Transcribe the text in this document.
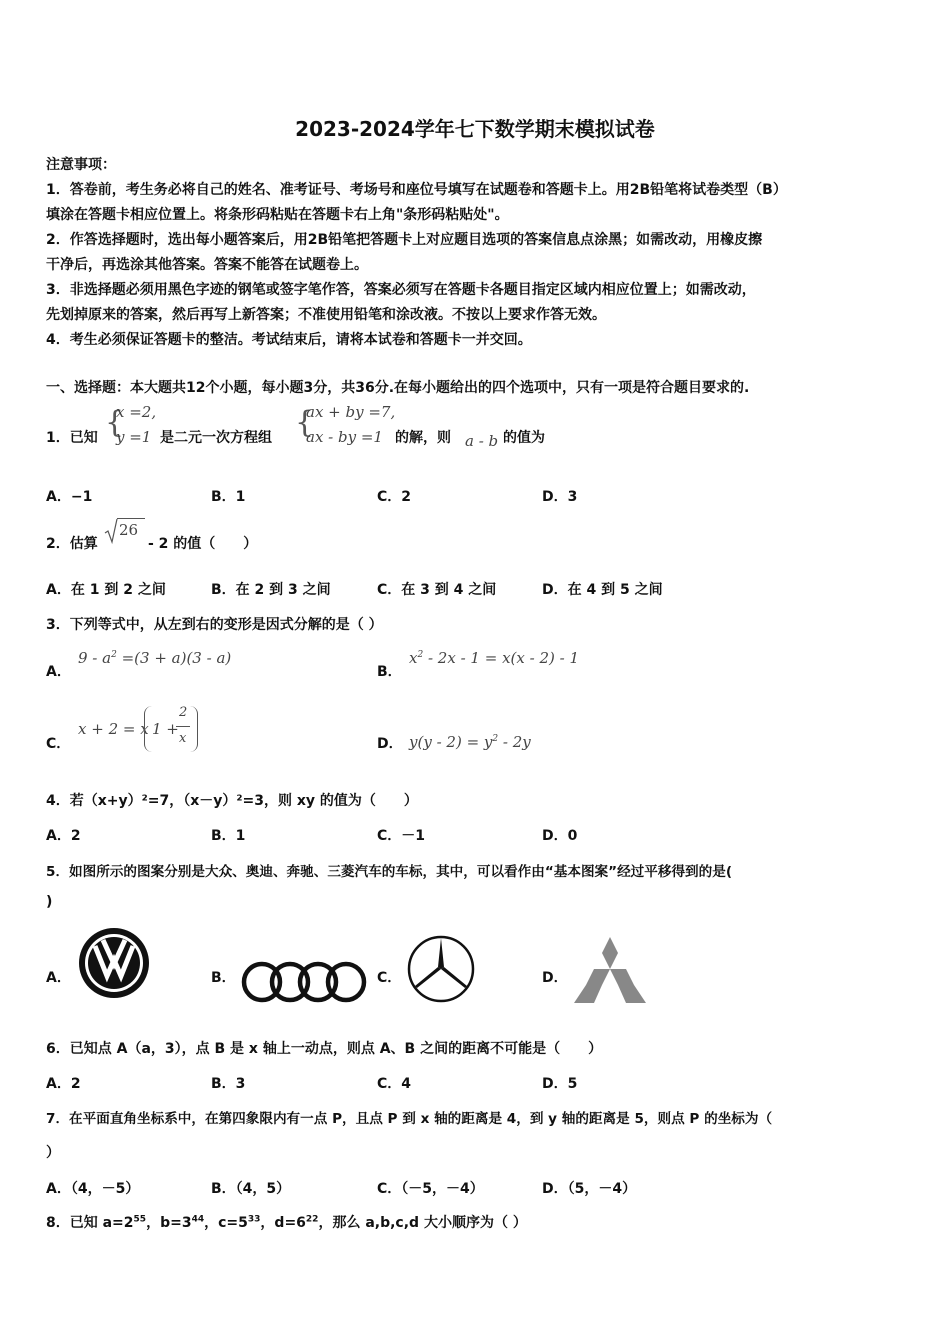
2023-2024学年七下数学期末模拟试卷
注意事项：
1．答卷前，考生务必将自己的姓名、准考证号、考场号和座位号填写在试题卷和答题卡上。用2B铅笔将试卷类型（B）
填涂在答题卡相应位置上。将条形码粘贴在答题卡右上角"条形码粘贴处"。
2．作答选择题时，选出每小题答案后，用2B铅笔把答题卡上对应题目选项的答案信息点涂黑；如需改动，用橡皮擦
干净后，再选涂其他答案。答案不能答在试题卷上。
3．非选择题必须用黑色字迹的钢笔或签字笔作答，答案必须写在答题卡各题目指定区域内相应位置上；如需改动，
先划掉原来的答案，然后再写上新答案；不准使用铅笔和涂改液。不按以上要求作答无效。
4．考生必须保证答题卡的整洁。考试结束后，请将本试卷和答题卡一并交回。
一、选择题：本大题共12个小题，每小题3分，共36分.在每小题给出的四个选项中，只有一项是符合题目要求的.
1．已知 {
x =2,
y =1 是二元一次方程组 {
ax + by =7,
ax - by =1 的解，则 a - b 的值为
A．−1	B．1	C．2	D．3
2．估算
26
- 2 的值（　　）
A．在 1 到 2 之间	B．在 2 到 3 之间	C．在 3 到 4 之间	D．在 4 到 5 之间
3．下列等式中，从左到右的变形是因式分解的是（ ）
A．
$9 - a^2 =(3 + a)(3 - a)$
B．
$x^2 - 2x - 1 = x(x - 2) - 1$
C．
x + 2 = x 1 +
2
x	D． $y(y - 2) = y^2 - 2y$
4．若（x+y）²=7，（x－y）²=3，则 xy 的值为（　　）
A．2	B．1	C．－1	D．0
5．如图所示的图案分别是大众、奥迪、奔驰、三菱汽车的车标，其中，可以看作由“基本图案”经过平移得到的是(
)
A．	B．	C．	D．
6．已知点 A（a，3），点 B 是 x 轴上一动点，则点 A、B 之间的距离不可能是（　　）
A．2	B．3	C．4	D．5
7．在平面直角坐标系中，在第四象限内有一点 P，且点 P 到 x 轴的距离是 4，到 y 轴的距离是 5，则点 P 的坐标为（
）
A．（4，－5）	B．（4，5）	C．（－5，－4）	D．（5，－4）
8．已知 $a=2^{55}$，$b=3^{44}$，$c=5^{33}$，$d=6^{22}$，那么 a,b,c,d 大小顺序为（ ）
